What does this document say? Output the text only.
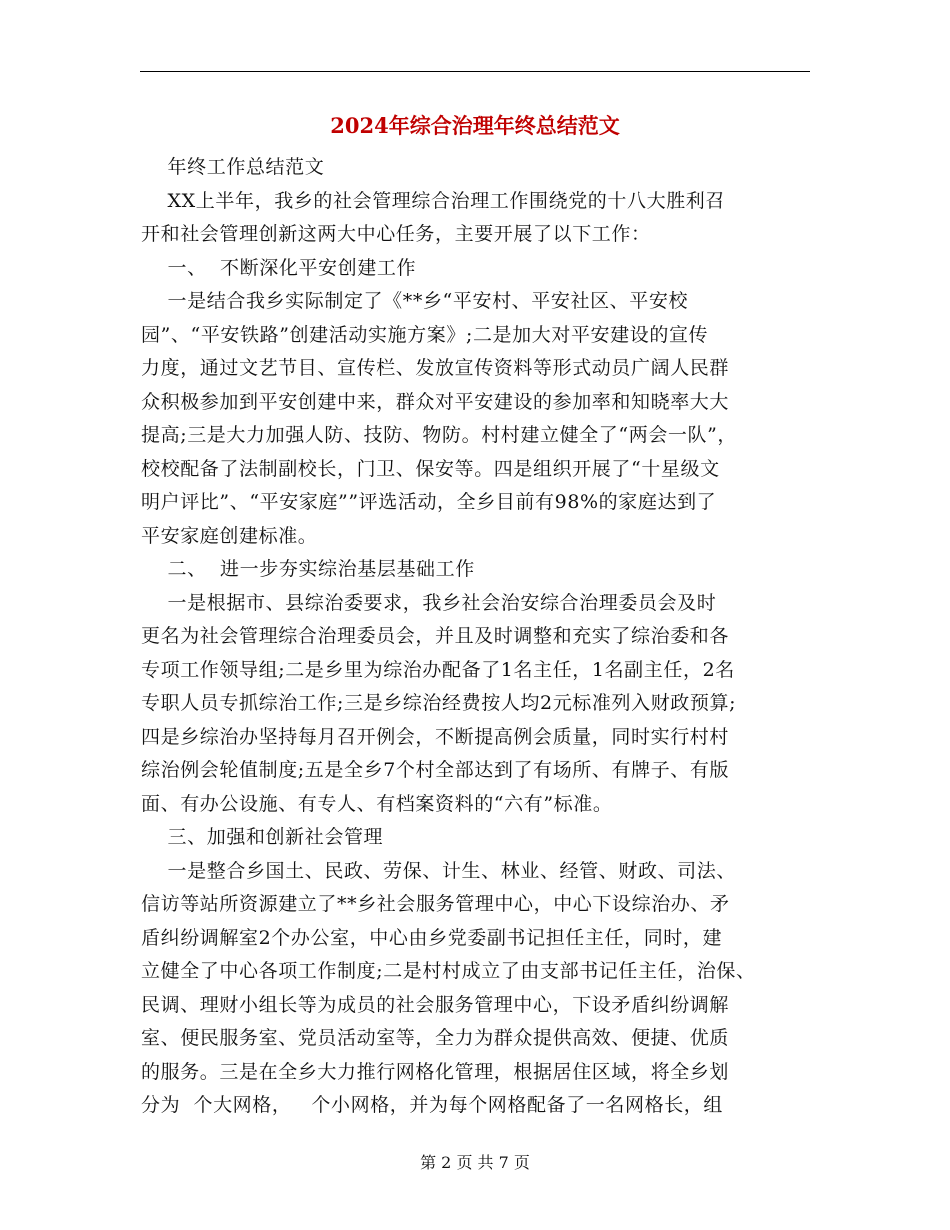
2024年综合治理年终总结范文
年终工作总结范文
XX上半年，我乡的社会管理综合治理工作围绕党的十八大胜利召
开和社会管理创新这两大中心任务，主要开展了以下工作：
一、  不断深化平安创建工作
一是结合我乡实际制定了《**乡“平安村、平安社区、平安校
园”、“平安铁路”创建活动实施方案》;二是加大对平安建设的宣传
力度，通过文艺节目、宣传栏、发放宣传资料等形式动员广阔人民群
众积极参加到平安创建中来，群众对平安建设的参加率和知晓率大大
提高;三是大力加强人防、技防、物防。村村建立健全了“两会一队”，
校校配备了法制副校长，门卫、保安等。四是组织开展了“十星级文
明户评比”、“平安家庭””评选活动，全乡目前有98%的家庭达到了
平安家庭创建标准。
二、  进一步夯实综治基层基础工作
一是根据市、县综治委要求，我乡社会治安综合治理委员会及时
更名为社会管理综合治理委员会，并且及时调整和充实了综治委和各
专项工作领导组;二是乡里为综治办配备了1名主任，1名副主任，2名
专职人员专抓综治工作;三是乡综治经费按人均2元标准列入财政预算;
四是乡综治办坚持每月召开例会，不断提高例会质量，同时实行村村
综治例会轮值制度;五是全乡7个村全部达到了有场所、有牌子、有版
面、有办公设施、有专人、有档案资料的“六有”标准。
三、加强和创新社会管理
一是整合乡国土、民政、劳保、计生、林业、经管、财政、司法、
信访等站所资源建立了**乡社会服务管理中心，中心下设综治办、矛
盾纠纷调解室2个办公室，中心由乡党委副书记担任主任，同时，建
立健全了中心各项工作制度;二是村村成立了由支部书记任主任，治保、
民调、理财小组长等为成员的社会服务管理中心，下设矛盾纠纷调解
室、便民服务室、党员活动室等，全力为群众提供高效、便捷、优质
的服务。三是在全乡大力推行网格化管理，根据居住区域，将全乡划
分为  个大网格，   个小网格，并为每个网格配备了一名网格长，组
第 2 页 共 7 页
